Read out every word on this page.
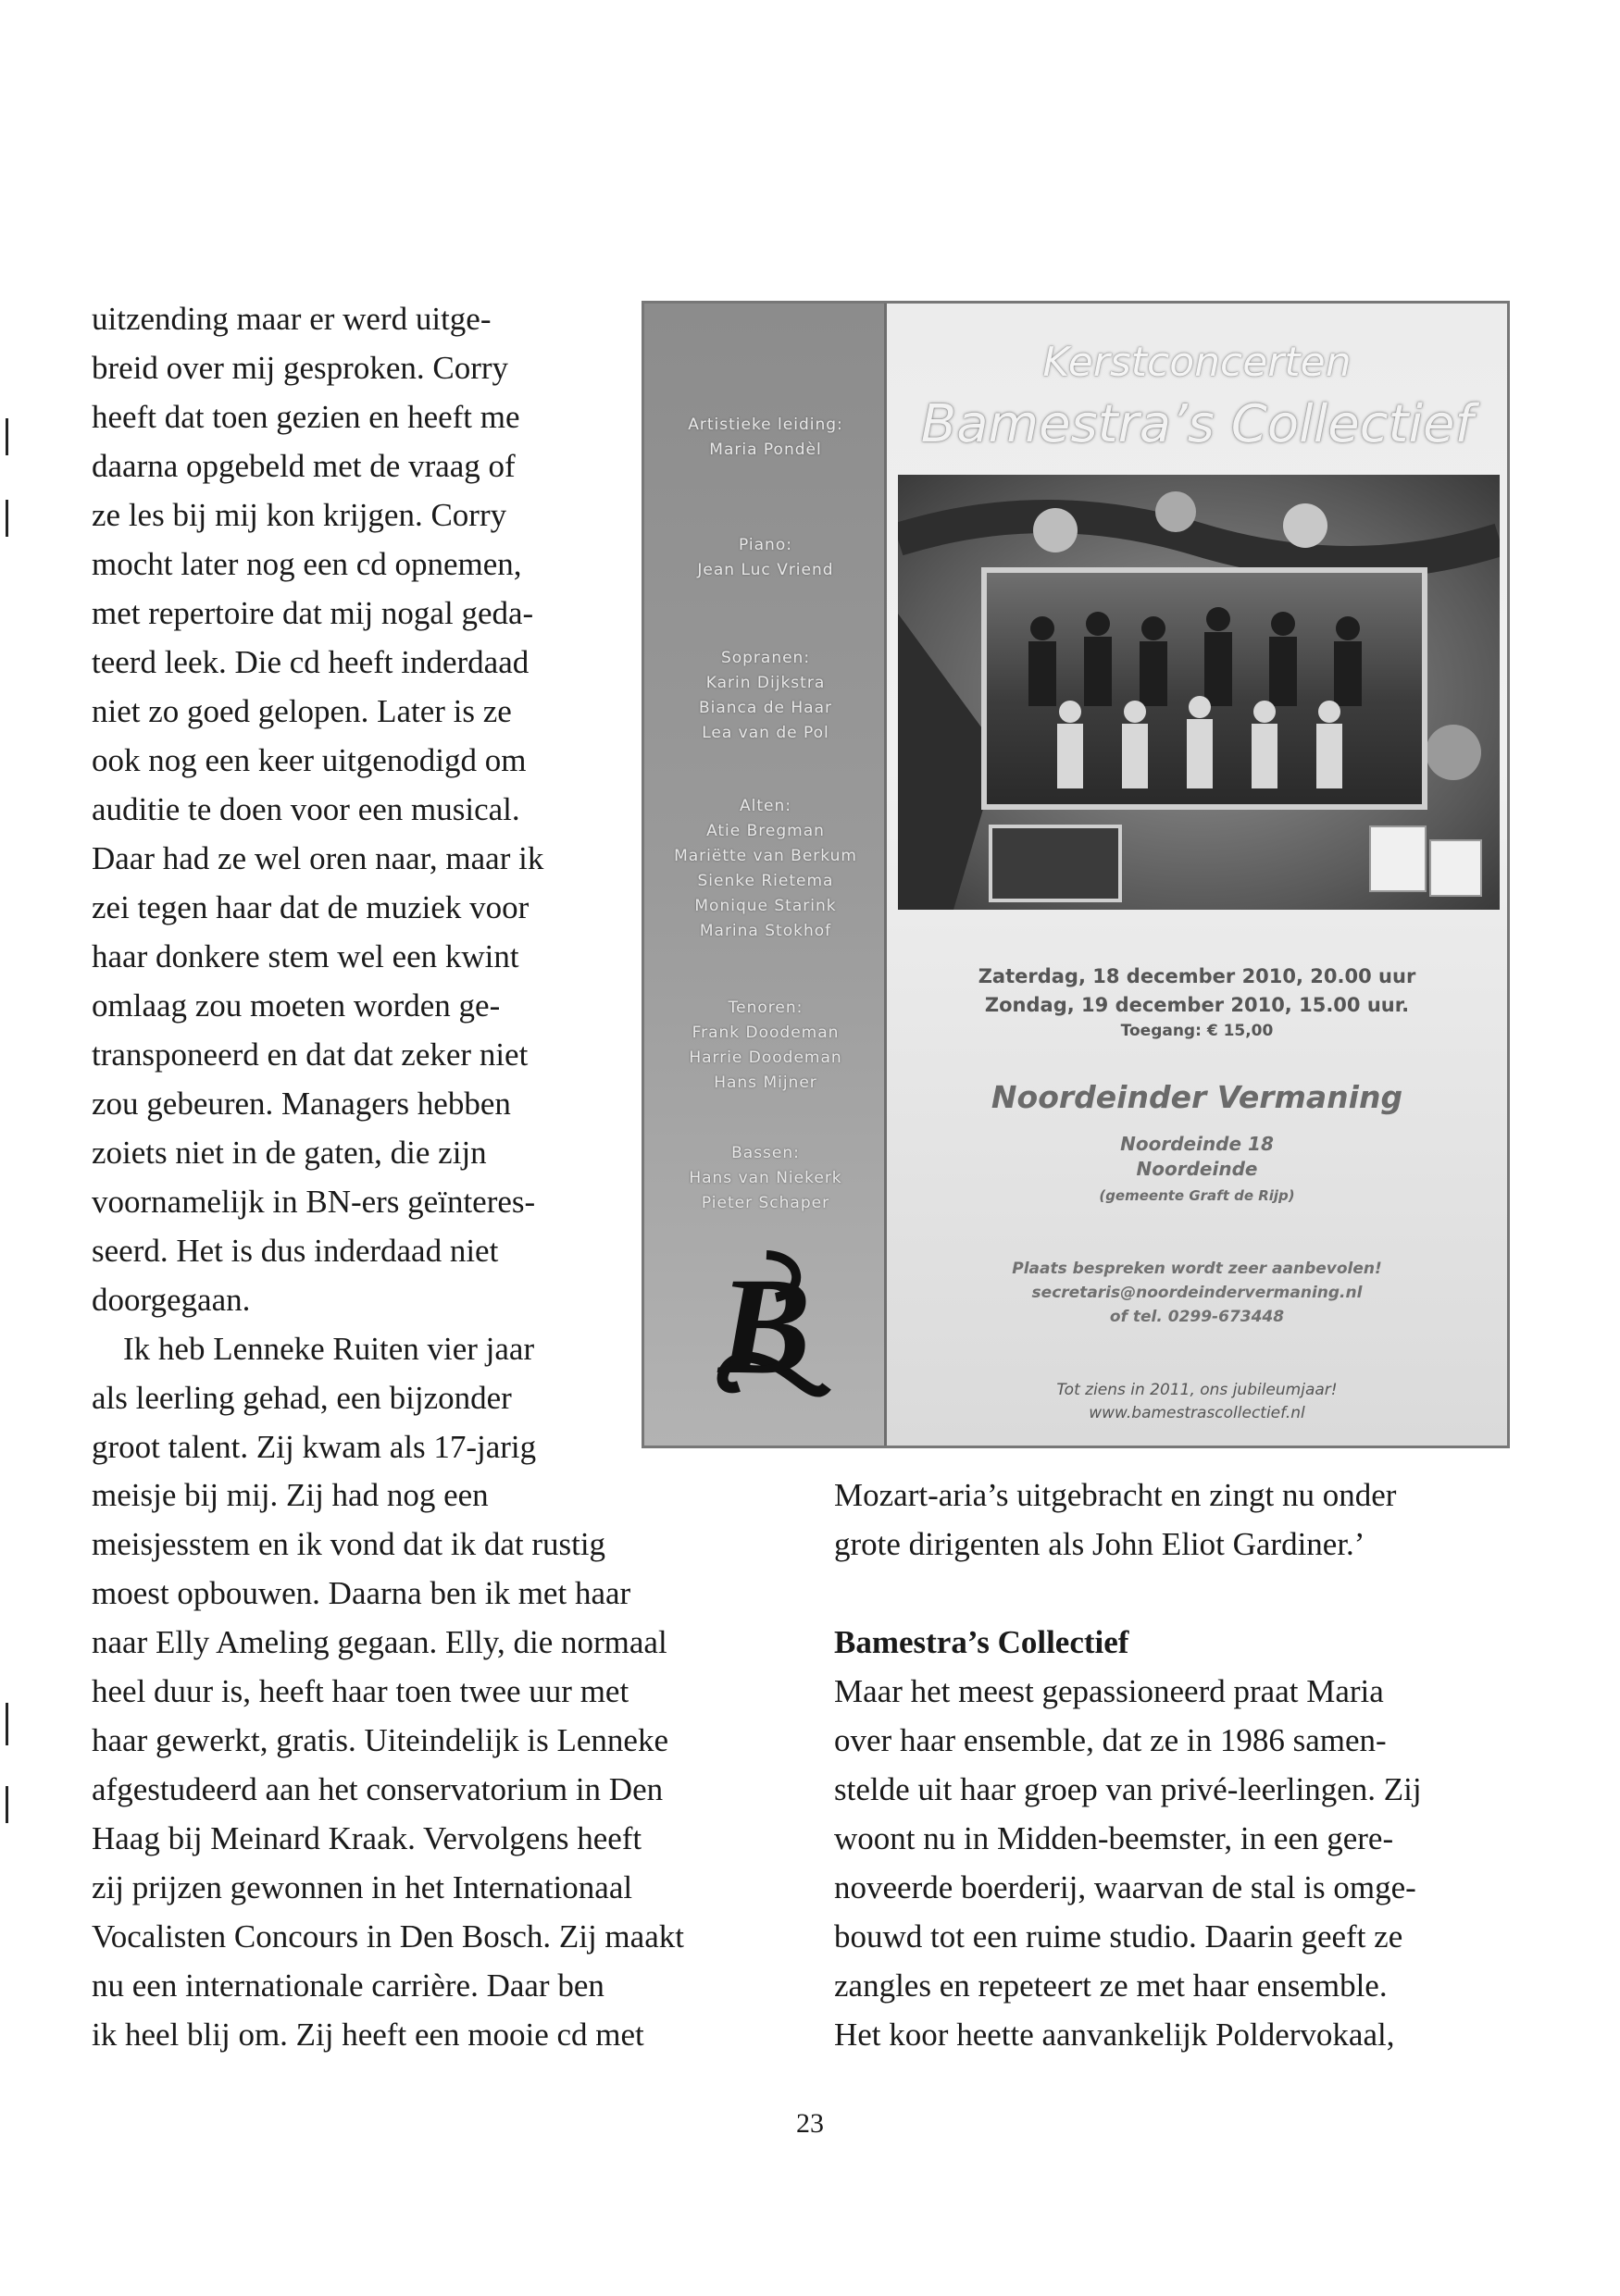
uitzending maar er werd uitge-
breid over mij gesproken. Corry
heeft dat toen gezien en heeft me
daarna opgebeld met de vraag of
ze les bij mij kon krijgen. Corry
mocht later nog een cd opnemen,
met repertoire dat mij nogal geda-
teerd leek. Die cd heeft inderdaad
niet zo goed gelopen. Later is ze
ook nog een keer uitgenodigd om
auditie te doen voor een musical.
Daar had ze wel oren naar, maar ik
zei tegen haar dat de muziek voor
haar donkere stem wel een kwint
omlaag zou moeten worden ge-
transponeerd en dat dat zeker niet
zou gebeuren. Managers hebben
zoiets niet in de gaten, die zijn
voornamelijk in BN-ers geïnteres-
seerd. Het is dus inderdaad niet
doorgegaan.
Ik heb Lenneke Ruiten vier jaar
als leerling gehad, een bijzonder
groot talent. Zij kwam als 17-jarig
meisje bij mij. Zij had nog een
meisjesstem en ik vond dat ik dat rustig
moest opbouwen. Daarna ben ik met haar
naar Elly Ameling gegaan. Elly, die normaal
heel duur is, heeft haar toen twee uur met
haar gewerkt, gratis. Uiteindelijk is Lenneke
afgestudeerd aan het conservatorium in Den
Haag bij Meinard Kraak. Vervolgens heeft
zij prijzen gewonnen in het Internationaal
Vocalisten Concours in Den Bosch. Zij maakt
nu een internationale carrière. Daar ben
ik heel blij om. Zij heeft een mooie cd met
Mozart-aria’s uitgebracht en zingt nu onder
grote dirigenten als John Eliot Gardiner.’

Bamestra’s Collectief
Maar het meest gepassioneerd praat Maria
over haar ensemble, dat ze in 1986 samen-
stelde uit haar groep van privé-leerlingen. Zij
woont nu in Midden-beemster, in een gere-
noveerde boerderij, waarvan de stal is omge-
bouwd tot een ruime studio. Daarin geeft ze
zangles en repeteert ze met haar ensemble.
Het koor heette aanvankelijk Poldervokaal,
Artistieke leiding:
Maria Pondèl
Piano:
Jean Luc Vriend
Sopranen:
Karin Dijkstra
Bianca de Haar
Lea van de Pol
Alten:
Atie Bregman
Mariëtte van Berkum
Sienke Rietema
Monique Starink
Marina Stokhof
Tenoren:
Frank Doodeman
Harrie Doodeman
Hans Mijner
Bassen:
Hans van Niekerk
Pieter Schaper
B
Kerstconcerten
Bamestra’s Collectief
Zaterdag, 18 december 2010, 20.00 uur
Zondag, 19 december 2010, 15.00 uur.
Toegang: € 15,00
Noordeinder Vermaning
Noordeinde 18
Noordeinde
(gemeente Graft de Rijp)
Plaats bespreken wordt zeer aanbevolen!
secretaris@noordeindervermaning.nl
of tel. 0299-673448
Tot ziens in 2011, ons jubileumjaar!
www.bamestrascollectief.nl
23
